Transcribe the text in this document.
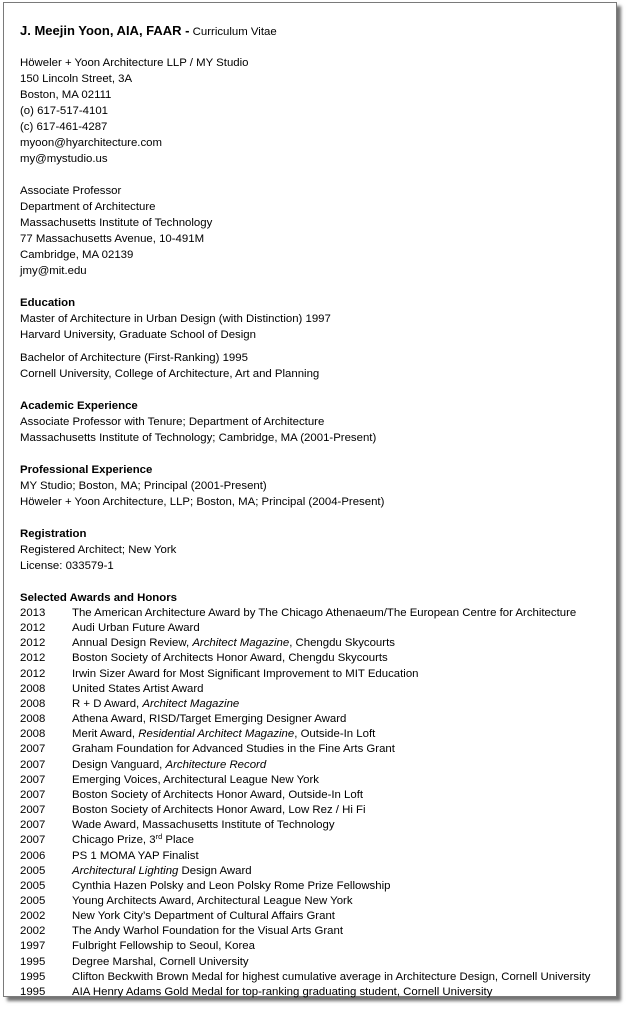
J. Meejin Yoon, AIA, FAAR - Curriculum Vitae
Höweler + Yoon Architecture LLP / MY Studio
150 Lincoln Street, 3A
Boston, MA 02111
(o) 617-517-4101
(c) 617-461-4287
myoon@hyarchitecture.com
my@mystudio.us
Associate Professor
Department of Architecture
Massachusetts Institute of Technology
77 Massachusetts Avenue, 10-491M
Cambridge, MA 02139
jmy@mit.edu
Education
Master of Architecture in Urban Design (with Distinction) 1997
Harvard University, Graduate School of Design
Bachelor of Architecture (First-Ranking) 1995
Cornell University, College of Architecture, Art and Planning
Academic Experience
Associate Professor with Tenure; Department of Architecture
Massachusetts Institute of Technology; Cambridge, MA (2001-Present)
Professional Experience
MY Studio; Boston, MA; Principal (2001-Present)
Höweler + Yoon Architecture, LLP; Boston, MA; Principal (2004-Present)
Registration
Registered Architect; New York
License: 033579-1
Selected Awards and Honors
2013	The American Architecture Award by The Chicago Athenaeum/The European Centre for Architecture
2012	Audi Urban Future Award
2012	Annual Design Review, Architect Magazine, Chengdu Skycourts
2012	Boston Society of Architects Honor Award, Chengdu Skycourts
2012	Irwin Sizer Award for Most Significant Improvement to MIT Education
2008	United States Artist Award
2008	R + D Award, Architect Magazine
2008	Athena Award, RISD/Target Emerging Designer Award
2008	Merit Award, Residential Architect Magazine, Outside-In Loft
2007	Graham Foundation for Advanced Studies in the Fine Arts Grant
2007	Design Vanguard, Architecture Record
2007	Emerging Voices, Architectural League New York
2007	Boston Society of Architects Honor Award, Outside-In Loft
2007	Boston Society of Architects Honor Award, Low Rez / Hi Fi
2007	Wade Award, Massachusetts Institute of Technology
2007	Chicago Prize, 3rd Place
2006	PS 1 MOMA YAP Finalist
2005	Architectural Lighting Design Award
2005	Cynthia Hazen Polsky and Leon Polsky Rome Prize Fellowship
2005	Young Architects Award, Architectural League New York
2002	New York City’s Department of Cultural Affairs Grant
2002	The Andy Warhol Foundation for the Visual Arts Grant
1997	Fulbright Fellowship to Seoul, Korea
1995	Degree Marshal, Cornell University
1995	Clifton Beckwith Brown Medal for highest cumulative average in Architecture Design, Cornell University
1995	AIA Henry Adams Gold Medal for top-ranking graduating student, Cornell University
